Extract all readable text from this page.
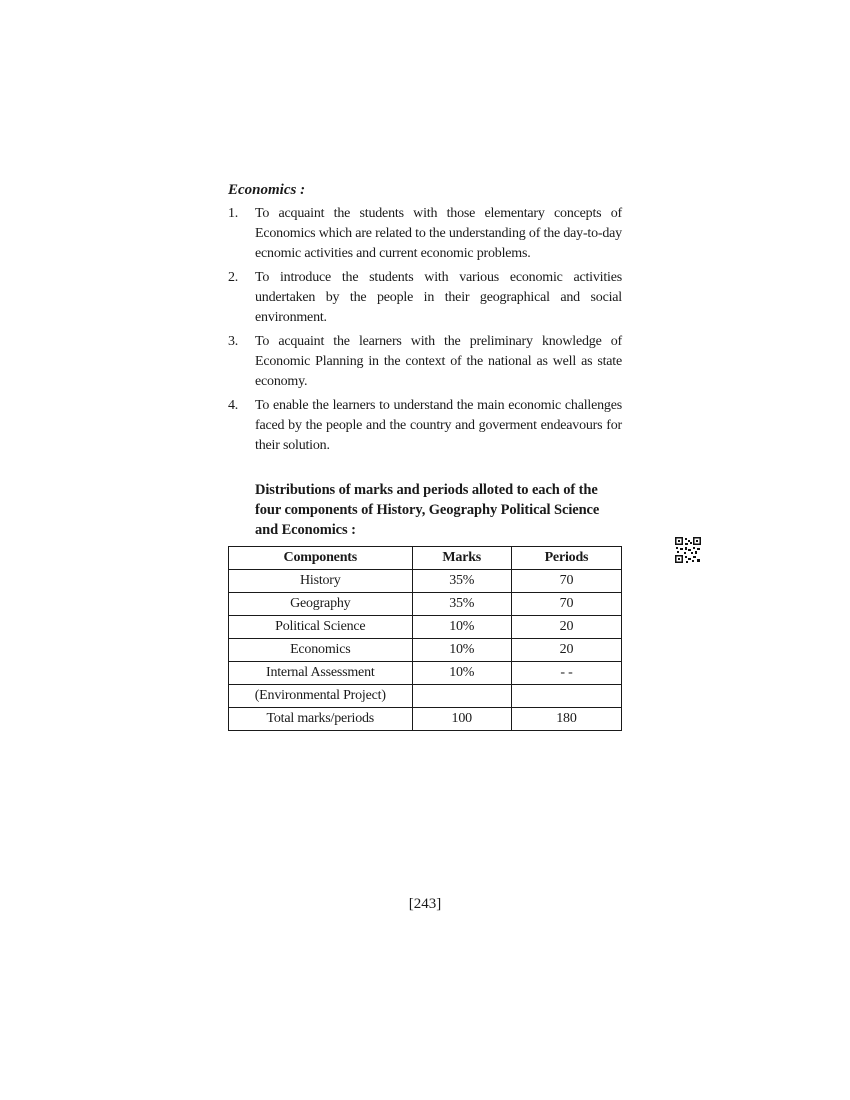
Economics :
1. To acquaint the students with those elementary concepts of Economics which are related to the understanding of the day-to-day ecnomic activities and current economic problems.
2. To introduce the students with various economic activities undertaken by the people in their geographical and social environment.
3. To acquaint the learners with the preliminary knowledge of Economic Planning in the context of the national as well as state economy.
4. To enable the learners to understand the main economic challenges faced by the people and the country and goverment endeavours for their solution.
Distributions of marks and periods alloted to each of the four components of History, Geography Political Science and Economics :
Components	Marks	Periods
History	35%	70
Geography	35%	70
Political Science	10%	20
Economics	10%	20
Internal Assessment	10%	- -
(Environmental Project)		
Total marks/periods	100	180
[243]
